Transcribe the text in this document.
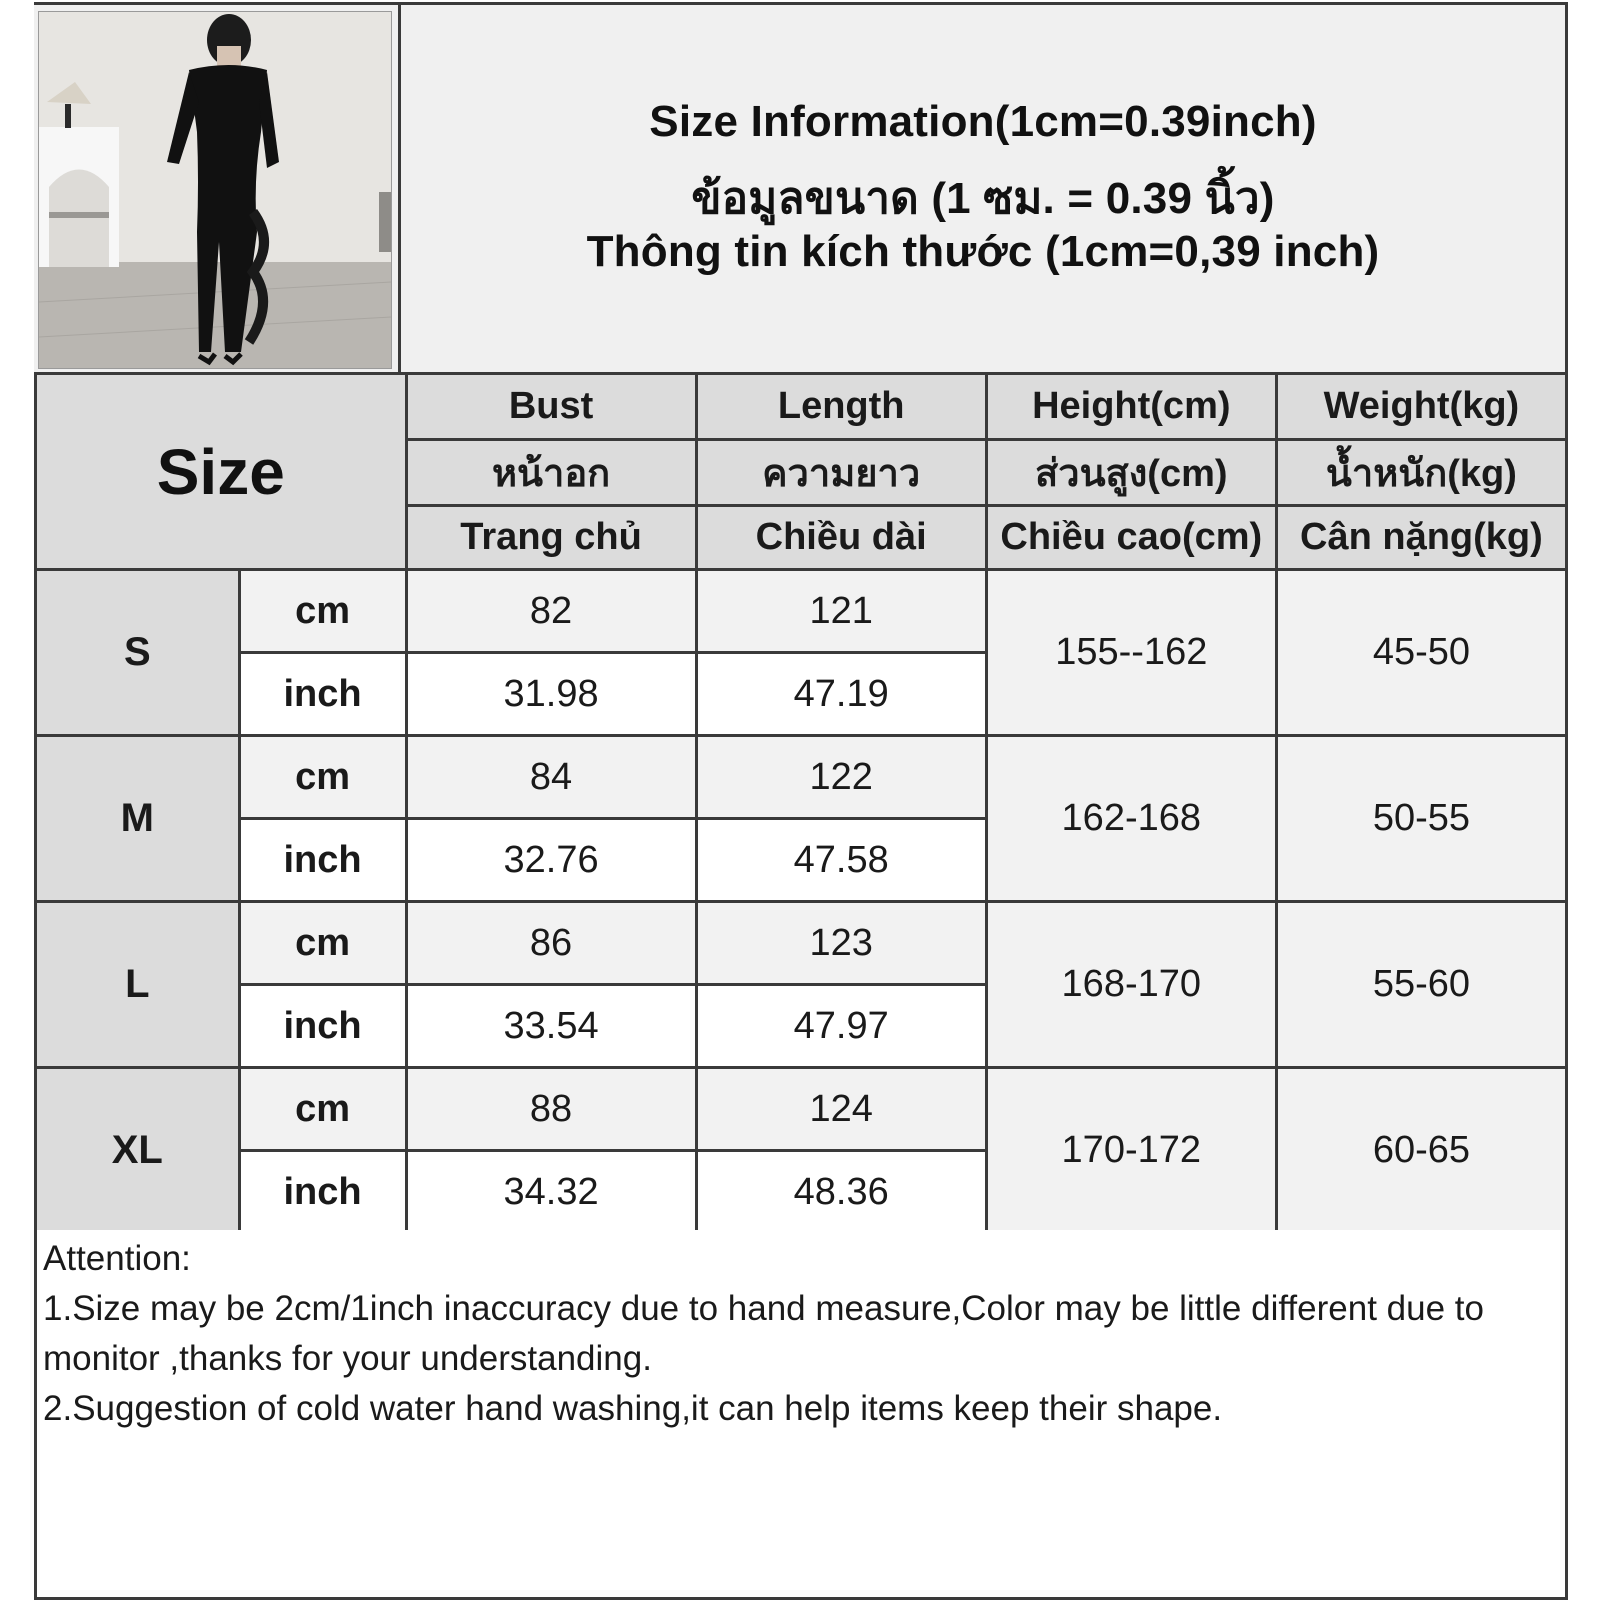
Size Information(1cm=0.39inch)
ข้อมูลขนาด (1 ซม. = 0.39 นิ้ว)
Thông tin kích thước (1cm=0,39 inch)
Size		Bust	Length	Height(cm)	Weight(kg)
		หน้าอก	ความยาว	ส่วนสูง(cm)	น้ำหนัก(kg)
		Trang chủ	Chiều dài	Chiều cao(cm)	Cân nặng(kg)
S	cm	82	121	155--162	45-50
	inch	31.98	47.19		
M	cm	84	122	162-168	50-55
	inch	32.76	47.58		
L	cm	86	123	168-170	55-60
	inch	33.54	47.97		
XL	cm	88	124	170-172	60-65
	inch	34.32	48.36		

Attention:

1.Size may be 2cm/1inch inaccuracy due to hand measure,Color may be little different due to monitor ,thanks for your understanding.

2.Suggestion of cold water hand washing,it can help items keep their shape.
